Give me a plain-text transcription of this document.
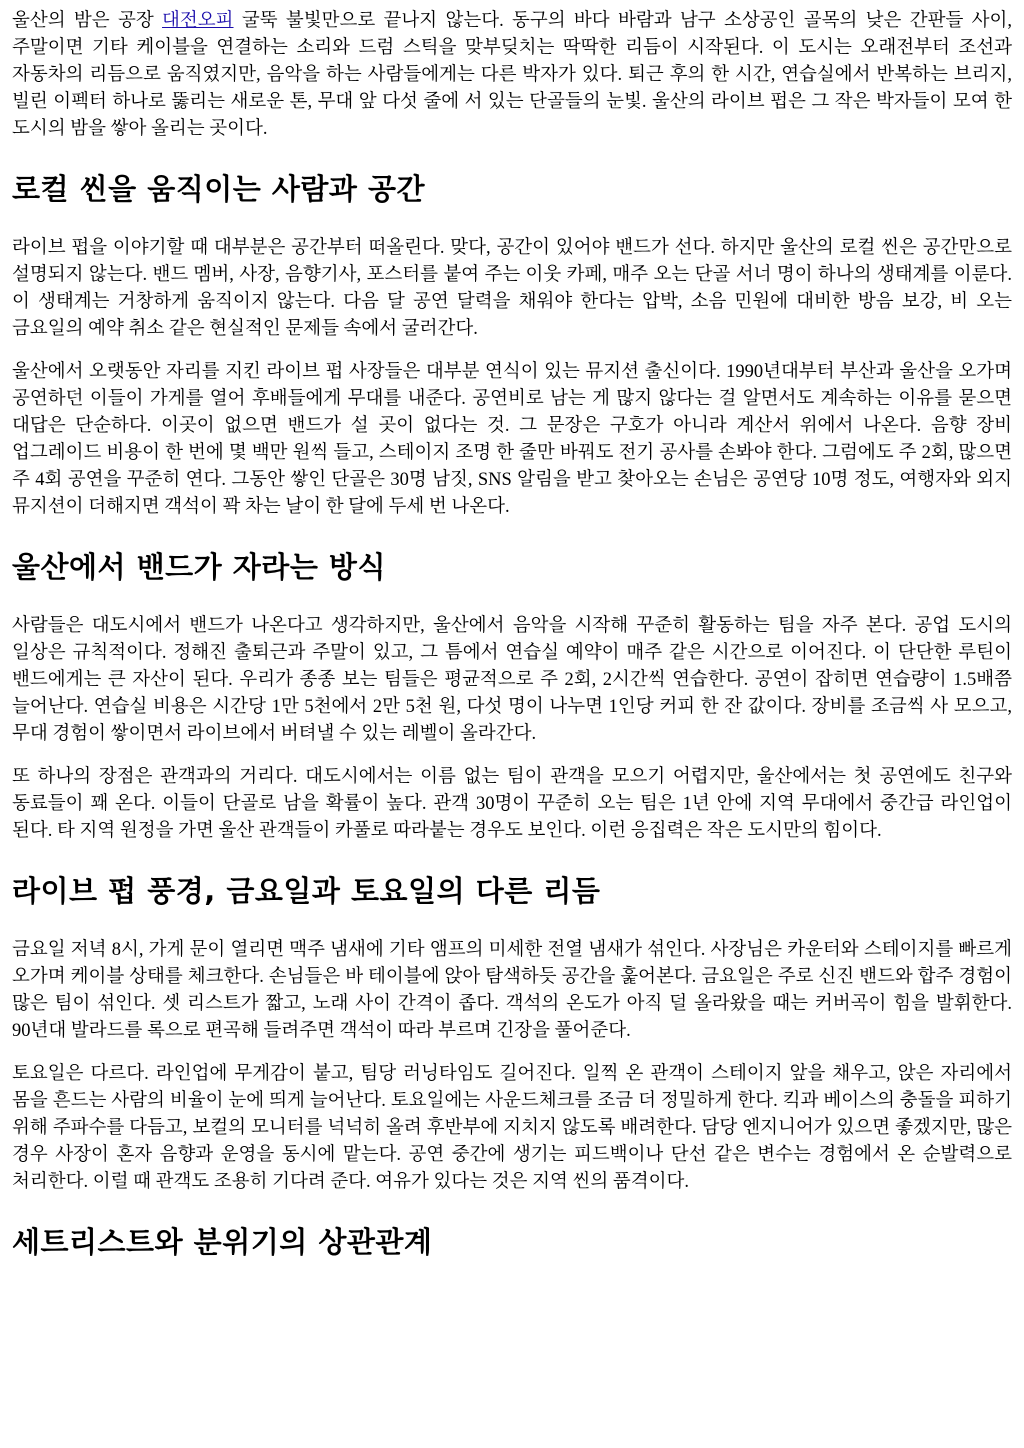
울산의 밤은 공장 대전오피 굴뚝 불빛만으로 끝나지 않는다. 동구의 바다 바람과 남구 소상공인 골목의 낮은 간판들 사이, 주말이면 기타 케이블을 연결하는 소리와 드럼 스틱을 맞부딪치는 딱딱한 리듬이 시작된다. 이 도시는 오래전부터 조선과 자동차의 리듬으로 움직였지만, 음악을 하는 사람들에게는 다른 박자가 있다. 퇴근 후의 한 시간, 연습실에서 반복하는 브리지, 빌린 이펙터 하나로 뚫리는 새로운 톤, 무대 앞 다섯 줄에 서 있는 단골들의 눈빛. 울산의 라이브 펍은 그 작은 박자들이 모여 한 도시의 밤을 쌓아 올리는 곳이다.

로컬 씬을 움직이는 사람과 공간

라이브 펍을 이야기할 때 대부분은 공간부터 떠올린다. 맞다, 공간이 있어야 밴드가 선다. 하지만 울산의 로컬 씬은 공간만으로 설명되지 않는다. 밴드 멤버, 사장, 음향기사, 포스터를 붙여 주는 이웃 카페, 매주 오는 단골 서너 명이 하나의 생태계를 이룬다. 이 생태계는 거창하게 움직이지 않는다. 다음 달 공연 달력을 채워야 한다는 압박, 소음 민원에 대비한 방음 보강, 비 오는 금요일의 예약 취소 같은 현실적인 문제들 속에서 굴러간다.

울산에서 오랫동안 자리를 지킨 라이브 펍 사장들은 대부분 연식이 있는 뮤지션 출신이다. 1990년대부터 부산과 울산을 오가며 공연하던 이들이 가게를 열어 후배들에게 무대를 내준다. 공연비로 남는 게 많지 않다는 걸 알면서도 계속하는 이유를 묻으면 대답은 단순하다. 이곳이 없으면 밴드가 설 곳이 없다는 것. 그 문장은 구호가 아니라 계산서 위에서 나온다. 음향 장비 업그레이드 비용이 한 번에 몇 백만 원씩 들고, 스테이지 조명 한 줄만 바꿔도 전기 공사를 손봐야 한다. 그럼에도 주 2회, 많으면 주 4회 공연을 꾸준히 연다. 그동안 쌓인 단골은 30명 남짓, SNS 알림을 받고 찾아오는 손님은 공연당 10명 정도, 여행자와 외지 뮤지션이 더해지면 객석이 꽉 차는 날이 한 달에 두세 번 나온다.

울산에서 밴드가 자라는 방식

사람들은 대도시에서 밴드가 나온다고 생각하지만, 울산에서 음악을 시작해 꾸준히 활동하는 팀을 자주 본다. 공업 도시의 일상은 규칙적이다. 정해진 출퇴근과 주말이 있고, 그 틈에서 연습실 예약이 매주 같은 시간으로 이어진다. 이 단단한 루틴이 밴드에게는 큰 자산이 된다. 우리가 종종 보는 팀들은 평균적으로 주 2회, 2시간씩 연습한다. 공연이 잡히면 연습량이 1.5배쯤 늘어난다. 연습실 비용은 시간당 1만 5천에서 2만 5천 원, 다섯 명이 나누면 1인당 커피 한 잔 값이다. 장비를 조금씩 사 모으고, 무대 경험이 쌓이면서 라이브에서 버텨낼 수 있는 레벨이 올라간다.

또 하나의 장점은 관객과의 거리다. 대도시에서는 이름 없는 팀이 관객을 모으기 어렵지만, 울산에서는 첫 공연에도 친구와 동료들이 꽤 온다. 이들이 단골로 남을 확률이 높다. 관객 30명이 꾸준히 오는 팀은 1년 안에 지역 무대에서 중간급 라인업이 된다. 타 지역 원정을 가면 울산 관객들이 카풀로 따라붙는 경우도 보인다. 이런 응집력은 작은 도시만의 힘이다.

라이브 펍 풍경, 금요일과 토요일의 다른 리듬

금요일 저녁 8시, 가게 문이 열리면 맥주 냄새에 기타 앰프의 미세한 전열 냄새가 섞인다. 사장님은 카운터와 스테이지를 빠르게 오가며 케이블 상태를 체크한다. 손님들은 바 테이블에 앉아 탐색하듯 공간을 훑어본다. 금요일은 주로 신진 밴드와 합주 경험이 많은 팀이 섞인다. 셋 리스트가 짧고, 노래 사이 간격이 좁다. 객석의 온도가 아직 덜 올라왔을 때는 커버곡이 힘을 발휘한다. 90년대 발라드를 록으로 편곡해 들려주면 객석이 따라 부르며 긴장을 풀어준다.

토요일은 다르다. 라인업에 무게감이 붙고, 팀당 러닝타임도 길어진다. 일찍 온 관객이 스테이지 앞을 채우고, 앉은 자리에서 몸을 흔드는 사람의 비율이 눈에 띄게 늘어난다. 토요일에는 사운드체크를 조금 더 정밀하게 한다. 킥과 베이스의 충돌을 피하기 위해 주파수를 다듬고, 보컬의 모니터를 넉넉히 올려 후반부에 지치지 않도록 배려한다. 담당 엔지니어가 있으면 좋겠지만, 많은 경우 사장이 혼자 음향과 운영을 동시에 맡는다. 공연 중간에 생기는 피드백이나 단선 같은 변수는 경험에서 온 순발력으로 처리한다. 이럴 때 관객도 조용히 기다려 준다. 여유가 있다는 것은 지역 씬의 품격이다.

세트리스트와 분위기의 상관관계
